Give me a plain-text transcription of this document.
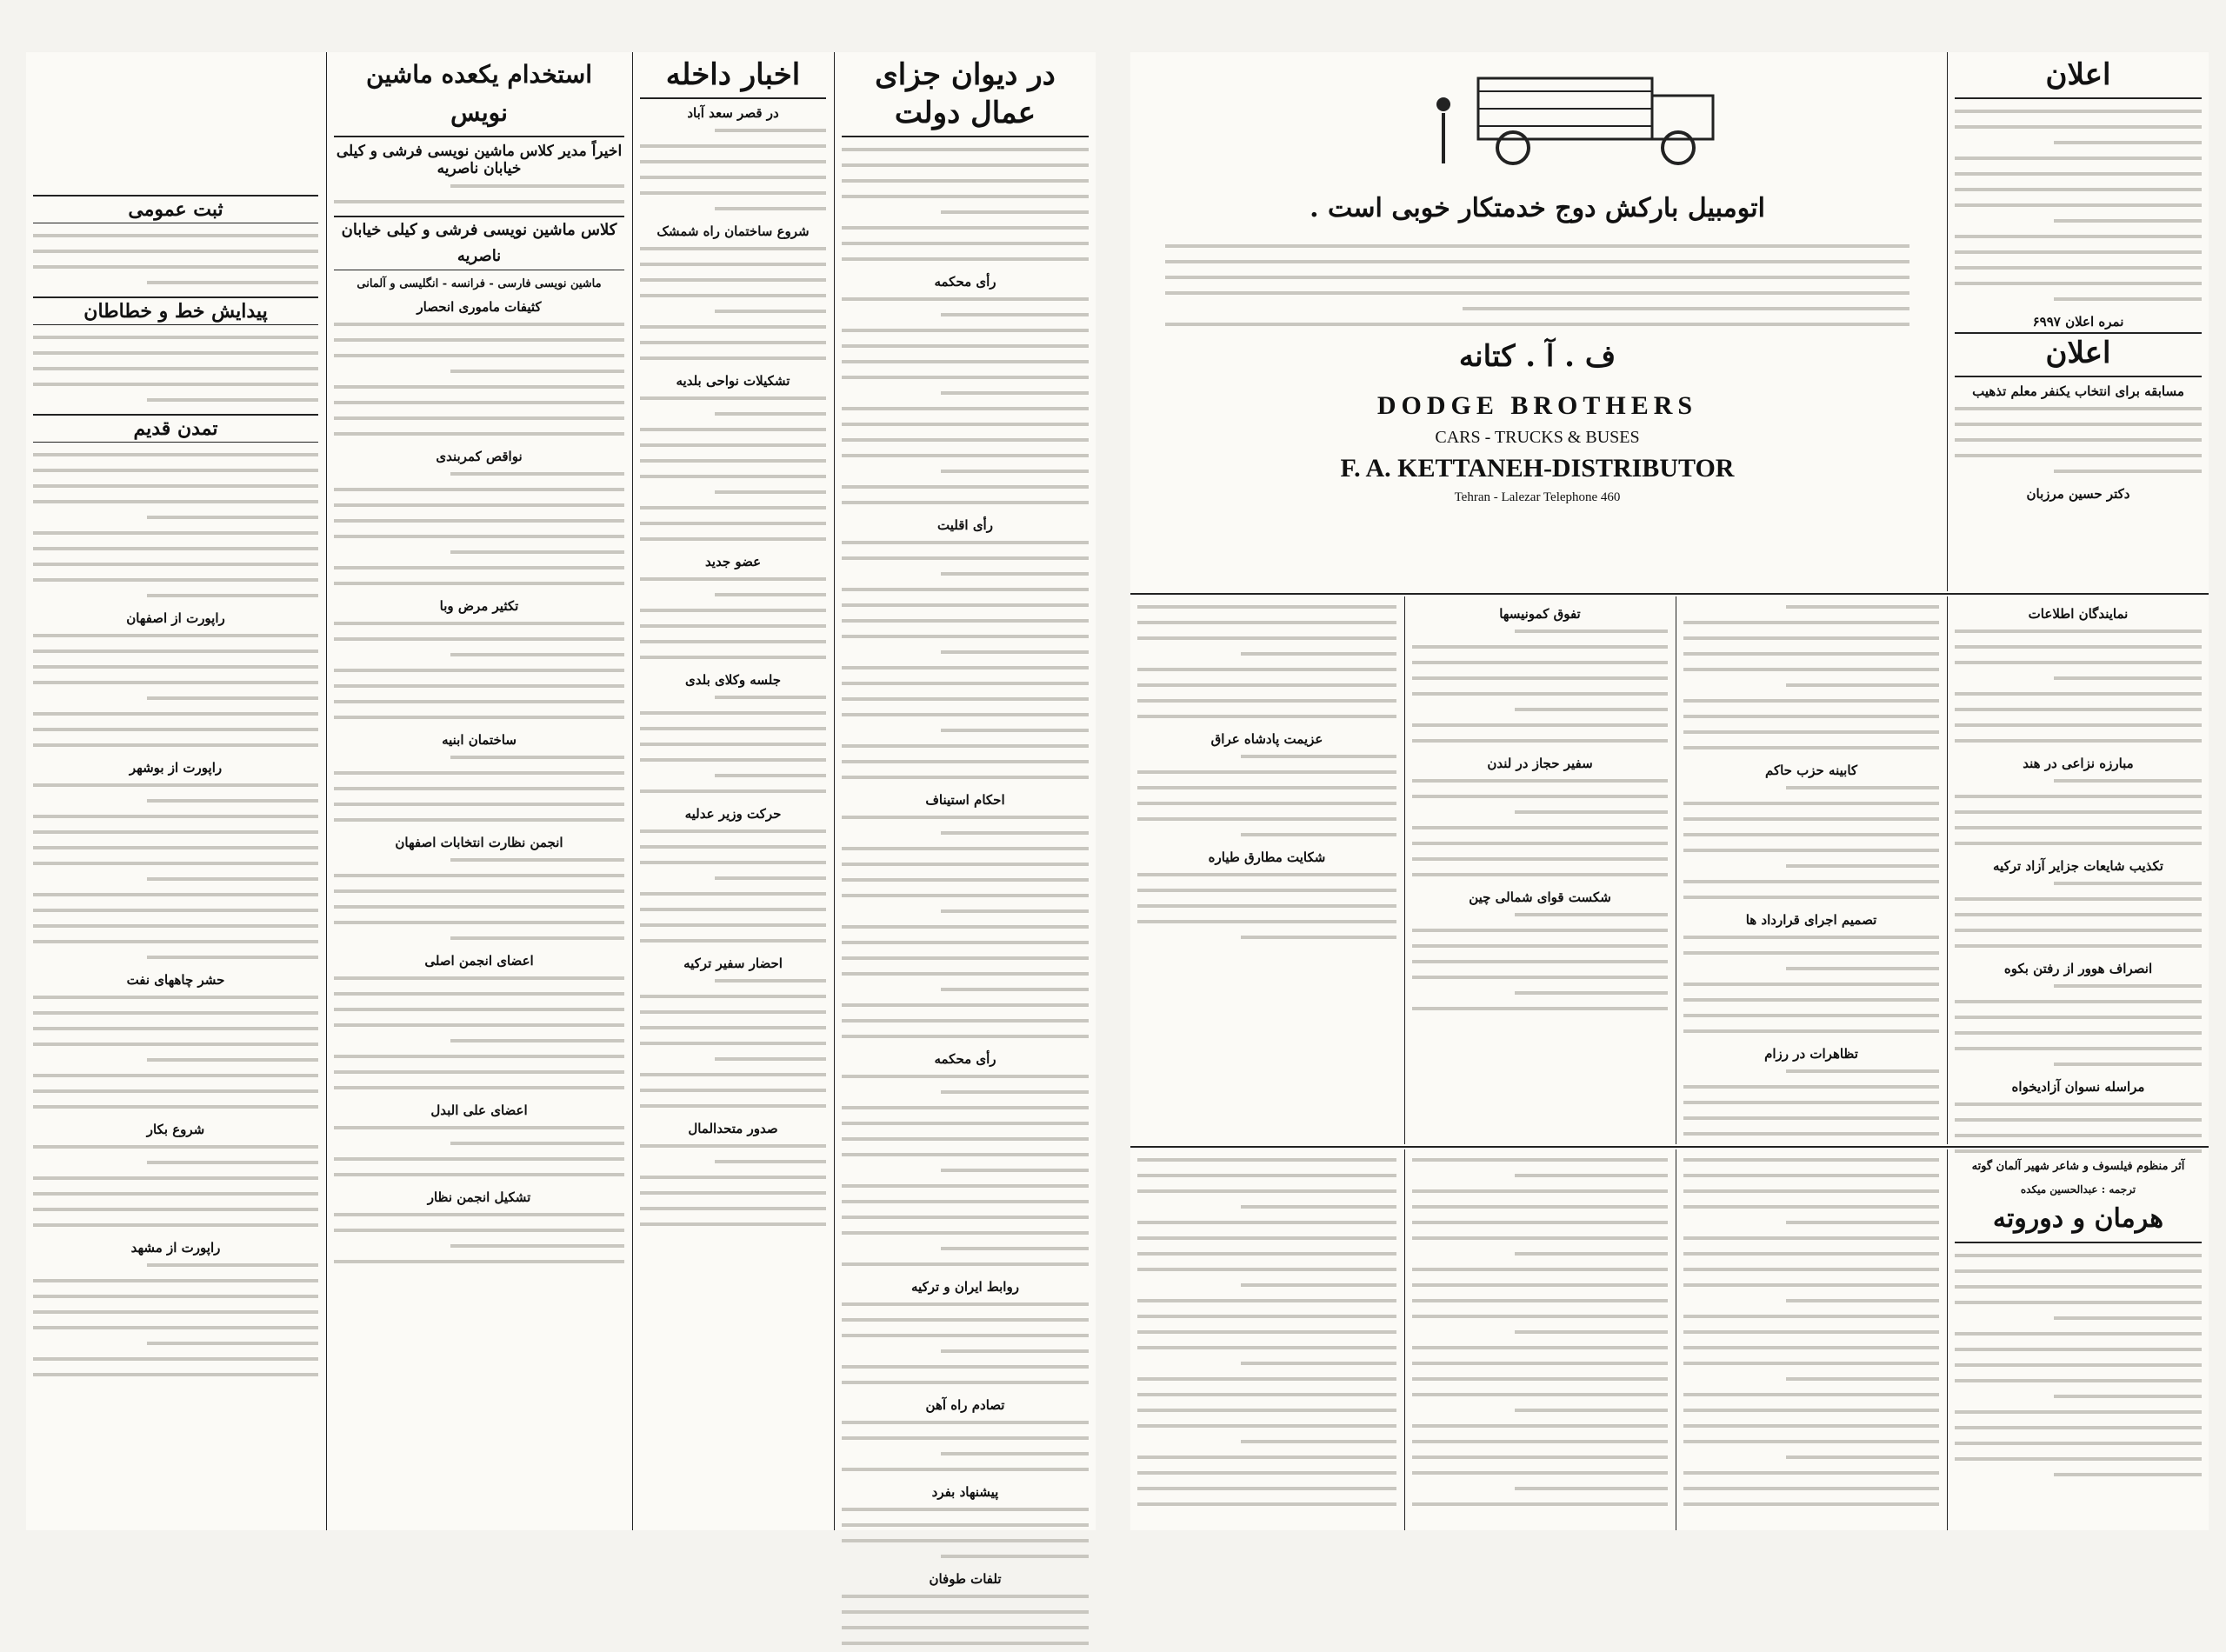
در دیوان جزای عمال دولت
رأی محکمه
رأی اقلیت
احکام استیناف
رأی محکمه
روابط ایران و ترکیه
تصادم راه آهن
پیشنهاد بفرد
تلفات طوفان
اخبار داخله
در قصر سعد آباد
شروع ساختمان راه شمشک
تشکیلات نواحی بلدیه
عضو جدید
جلسه وکلای بلدی
حرکت وزیر عدلیه
احضار سفیر ترکیه
صدور متحدالمال
استخدام یکعده ماشین نویس
اخیراً مدیر کلاس ماشین نویسی فرشی و کیلی خیابان ناصریه
کلاس ماشین نویسی فرشی و کیلی خیابان ناصریه
ماشین نویسی فارسی - فرانسه - انگلیسی و آلمانی
کثیفات ماموری انحصار
نواقص کمربندی
تکثیر مرض وبا
ساختمان ابنیه
انجمن نظارت انتخابات اصفهان
اعضای انجمن اصلی
اعضای علی البدل
تشکیل انجمن نظار
ثبت عمومی
پیدایش خط و خطاطان
تمدن قدیم
راپورت از اصفهان
راپورت از بوشهر
حشر چاههای نفت
شروع بکار
راپورت از مشهد
اعلان
نمره اعلان ۶۹۹۷
اعلان
مسابقه برای انتخاب یکنفر معلم تذهیب
دکتر حسین مرزبان
اتومبیل بارکش دوج خدمتکار خوبی است .
ف . آ . کتانه
DODGE BROTHERS
CARS - TRUCKS & BUSES
F. A. KETTANEH-DISTRIBUTOR
Tehran - Lalezar Telephone 460
نمایندگان اطلاعات
مبارزه نزاعی در هند
تکذیب شایعات جزایر آزاد ترکیه
انصراف هوور از رفتن بکوه
مراسله نسوان آزادیخواه
کابینه حزب حاکم
تصمیم اجرای قرارداد ها
تظاهرات در رزام
تفوق کمونیسها
سفیر حجاز در لندن
شکست قوای شمالی چین
عزیمت پادشاه عراق
شکایت مطارق طیاره
آثر منظوم فیلسوف و شاعر شهیر آلمان گوته
ترجمه : عبدالحسین میکده
هرمان و دوروته
